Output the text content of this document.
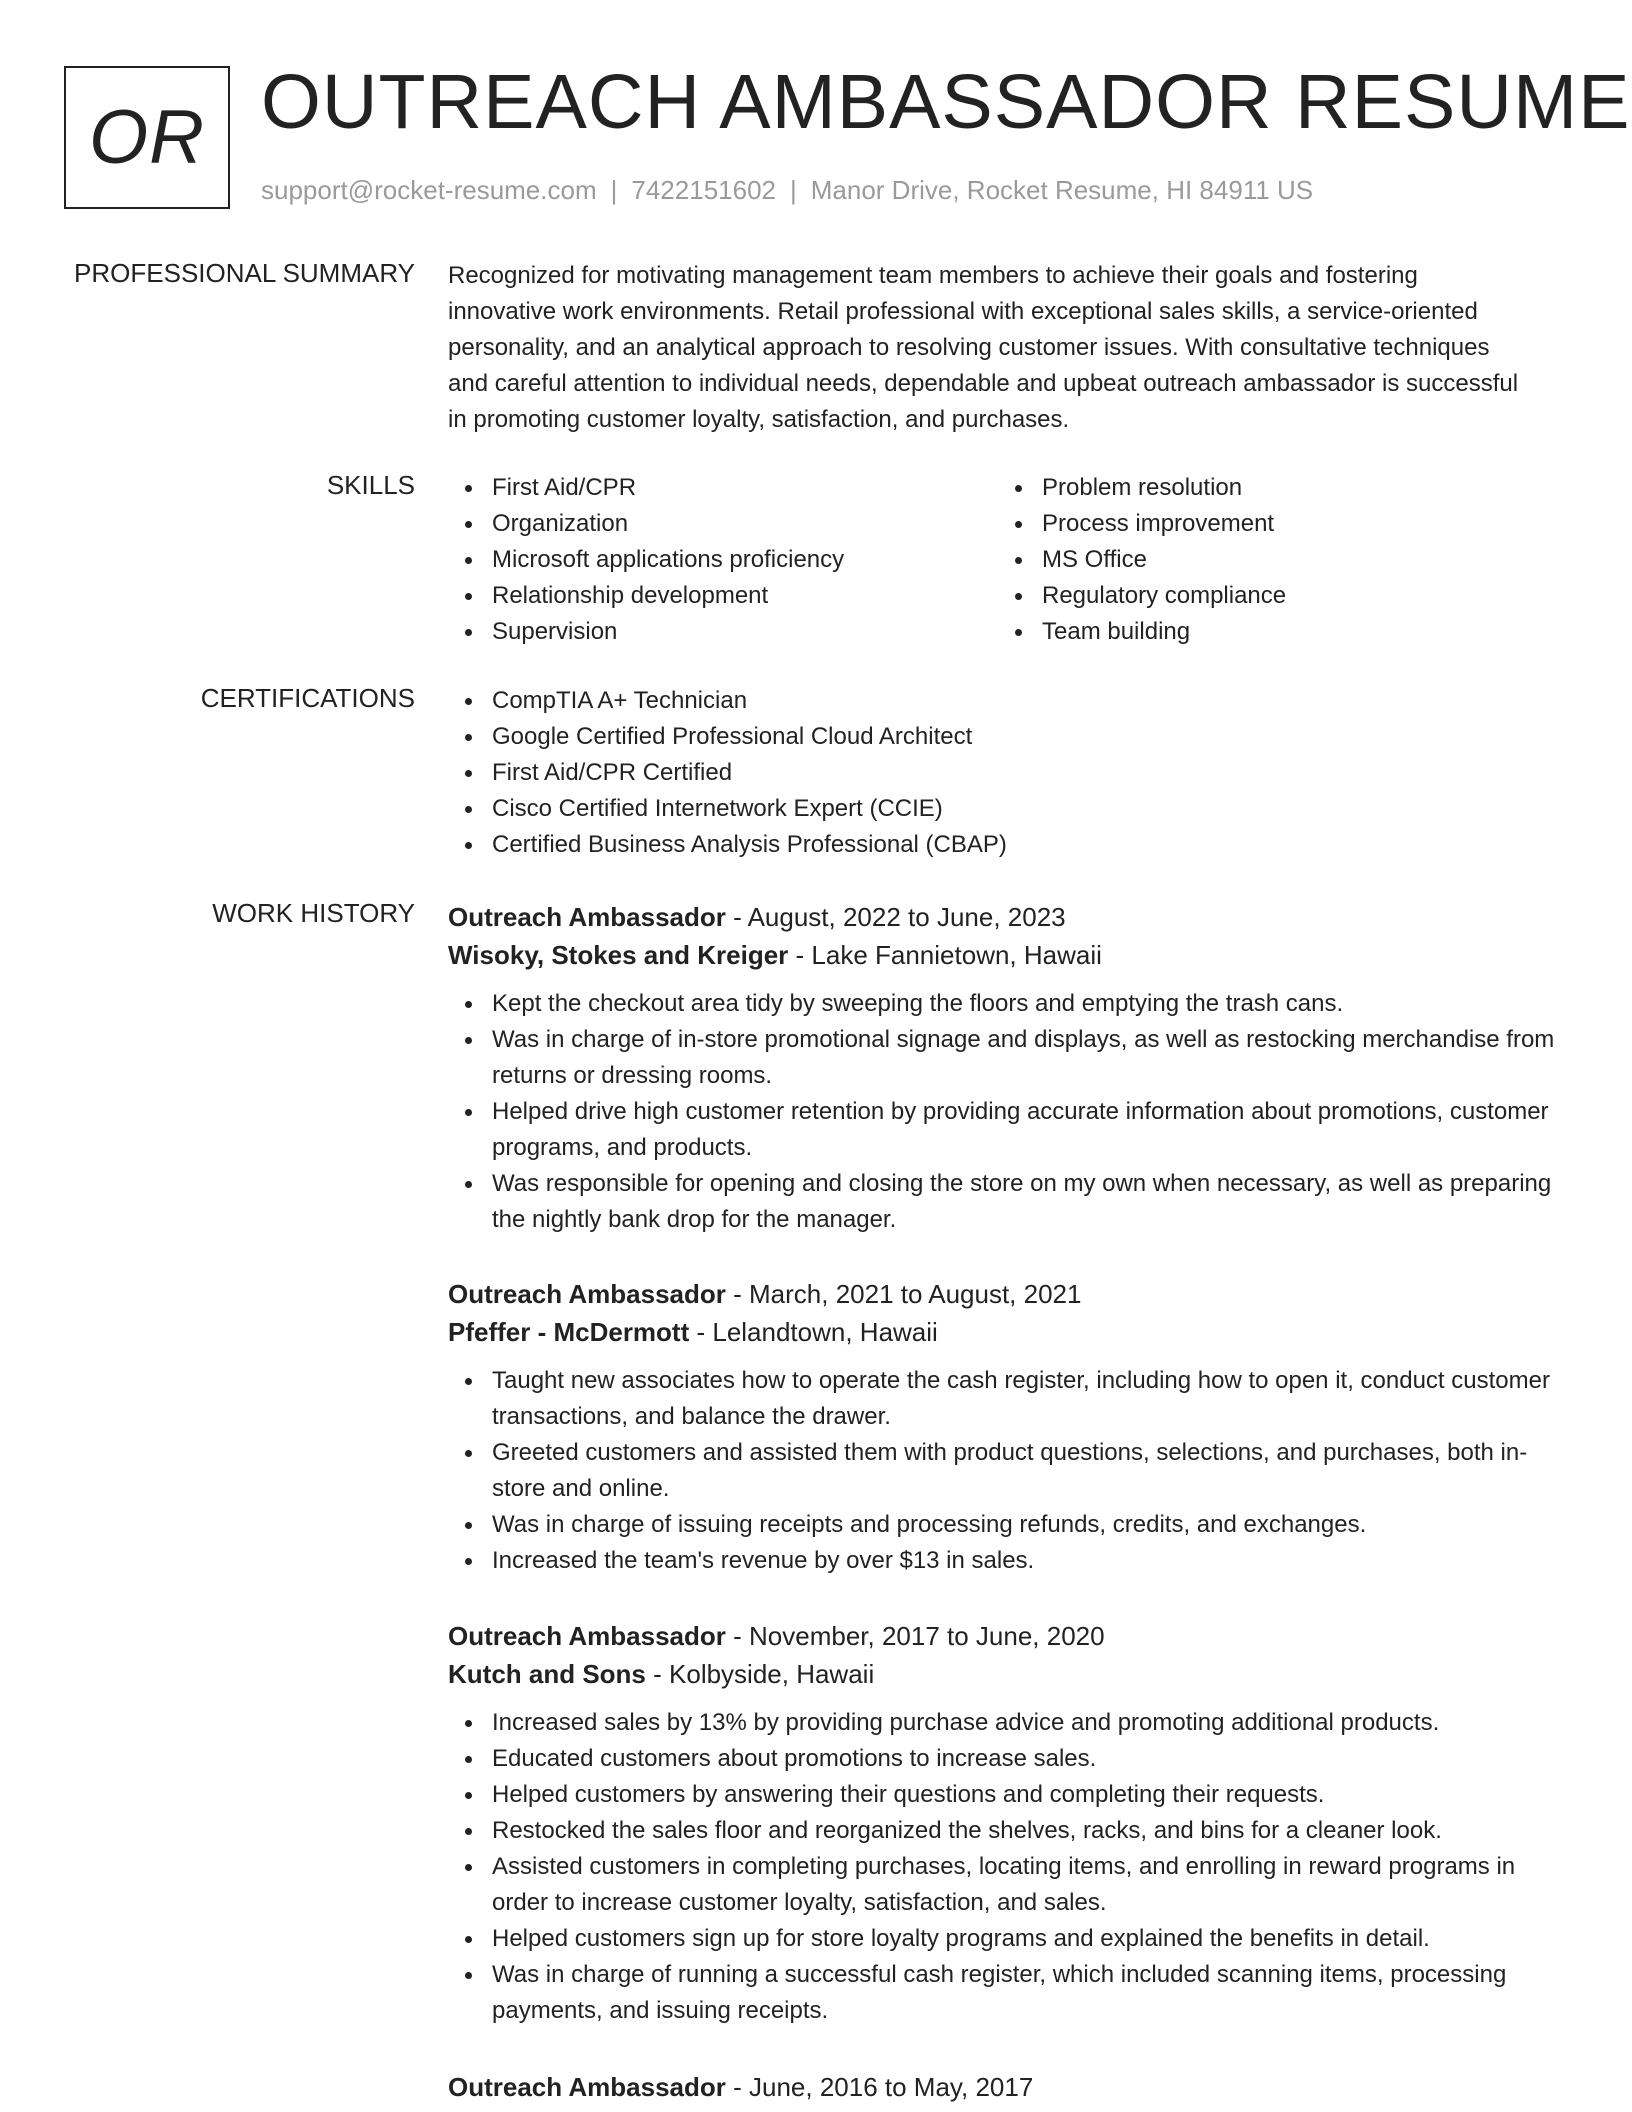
OR OUTREACH AMBASSADOR RESUME
support@rocket-resume.com | 7422151602 | Manor Drive, Rocket Resume, HI 84911 US
PROFESSIONAL SUMMARY Recognized for motivating management team members to achieve their goals and fostering
innovative work environments. Retail professional with exceptional sales skills, a service-oriented
personality, and an analytical approach to resolving customer issues. With consultative techniques
and careful attention to individual needs, dependable and upbeat outreach ambassador is successful
in promoting customer loyalty, satisfaction, and purchases.
SKILLS	First Aid/CPR
Organization
Microsoft applications proficiency
Relationship development
Supervision
Problem resolution
Process improvement
MS Office
Regulatory compliance
Team building
CERTIFICATIONS	CompTIA A+ Technician
Google Certified Professional Cloud Architect
First Aid/CPR Certified
Cisco Certified Internetwork Expert (CCIE)
Certified Business Analysis Professional (CBAP)
WORK HISTORY Outreach Ambassador - August, 2022 to June, 2023
Wisoky, Stokes and Kreiger - Lake Fannietown, Hawaii
Kept the checkout area tidy by sweeping the floors and emptying the trash cans.
Was in charge of in-store promotional signage and displays, as well as restocking merchandise from returns or dressing rooms.
Helped drive high customer retention by providing accurate information about promotions, customer programs, and products.
Was responsible for opening and closing the store on my own when necessary, as well as preparing the nightly bank drop for the manager.
Outreach Ambassador - March, 2021 to August, 2021
Pfeffer - McDermott - Lelandtown, Hawaii
Taught new associates how to operate the cash register, including how to open it, conduct customer transactions, and balance the drawer.
Greeted customers and assisted them with product questions, selections, and purchases, both in-store and online.
Was in charge of issuing receipts and processing refunds, credits, and exchanges.
Increased the team's revenue by over $13 in sales.
Outreach Ambassador - November, 2017 to June, 2020
Kutch and Sons - Kolbyside, Hawaii
Increased sales by 13% by providing purchase advice and promoting additional products.
Educated customers about promotions to increase sales.
Helped customers by answering their questions and completing their requests.
Restocked the sales floor and reorganized the shelves, racks, and bins for a cleaner look.
Assisted customers in completing purchases, locating items, and enrolling in reward programs in order to increase customer loyalty, satisfaction, and sales.
Helped customers sign up for store loyalty programs and explained the benefits in detail.
Was in charge of running a successful cash register, which included scanning items, processing payments, and issuing receipts.
Outreach Ambassador - June, 2016 to May, 2017
